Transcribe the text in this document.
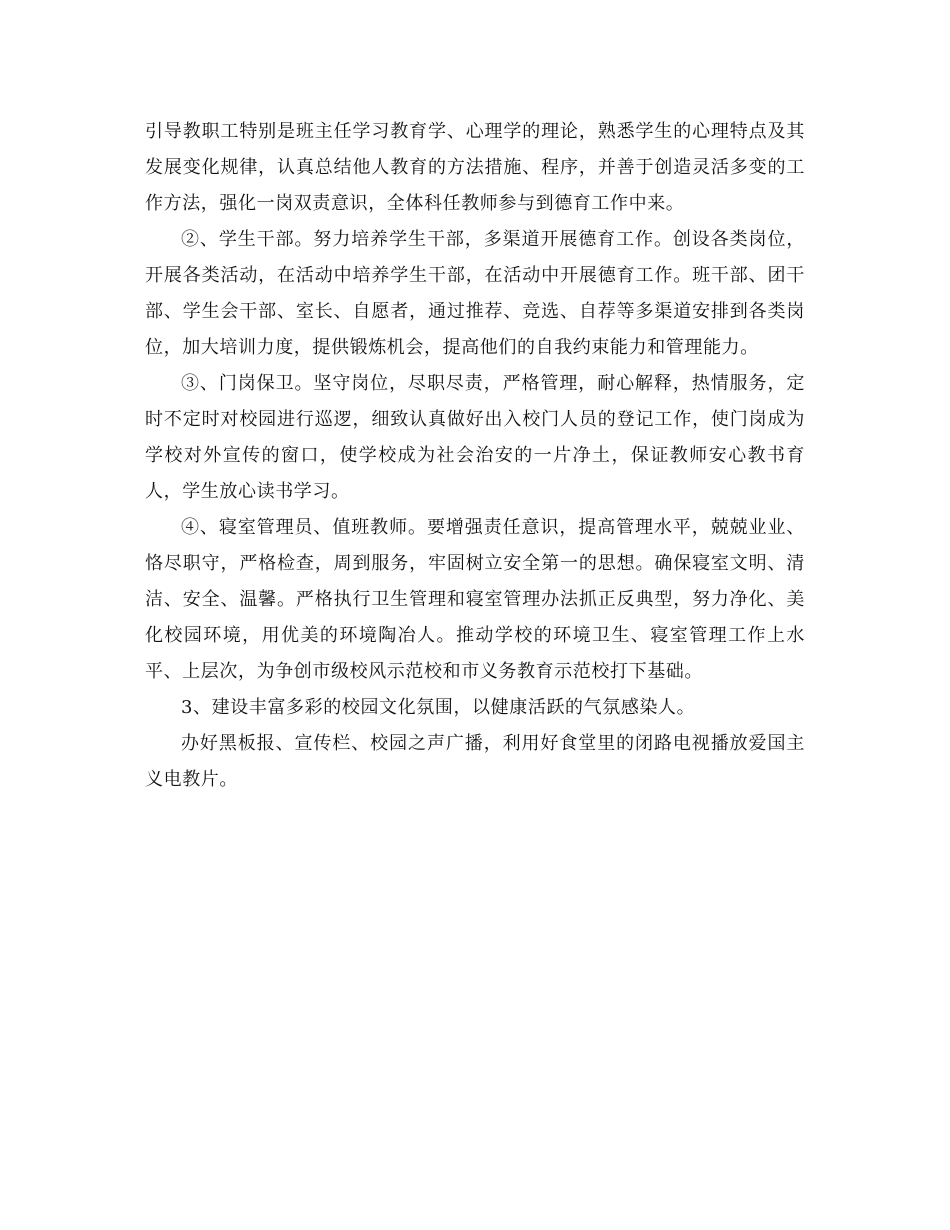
引导教职工特别是班主任学习教育学、心理学的理论，熟悉学生的心理特点及其发展变化规律，认真总结他人教育的方法措施、程序，并善于创造灵活多变的工作方法，强化一岗双责意识，全体科任教师参与到德育工作中来。

②、学生干部。努力培养学生干部，多渠道开展德育工作。创设各类岗位，开展各类活动，在活动中培养学生干部，在活动中开展德育工作。班干部、团干部、学生会干部、室长、自愿者，通过推荐、竞选、自荐等多渠道安排到各类岗位，加大培训力度，提供锻炼机会，提高他们的自我约束能力和管理能力。

③、门岗保卫。坚守岗位，尽职尽责，严格管理，耐心解释，热情服务，定时不定时对校园进行巡逻，细致认真做好出入校门人员的登记工作，使门岗成为学校对外宣传的窗口，使学校成为社会治安的一片净土，保证教师安心教书育人，学生放心读书学习。

④、寝室管理员、值班教师。要增强责任意识，提高管理水平，兢兢业业、恪尽职守，严格检查，周到服务，牢固树立安全第一的思想。确保寝室文明、清洁、安全、温馨。严格执行卫生管理和寝室管理办法抓正反典型，努力净化、美化校园环境，用优美的环境陶冶人。推动学校的环境卫生、寝室管理工作上水平、上层次，为争创市级校风示范校和市义务教育示范校打下基础。

3、建设丰富多彩的校园文化氛围，以健康活跃的气氛感染人。

办好黑板报、宣传栏、校园之声广播，利用好食堂里的闭路电视播放爱国主义电教片。
